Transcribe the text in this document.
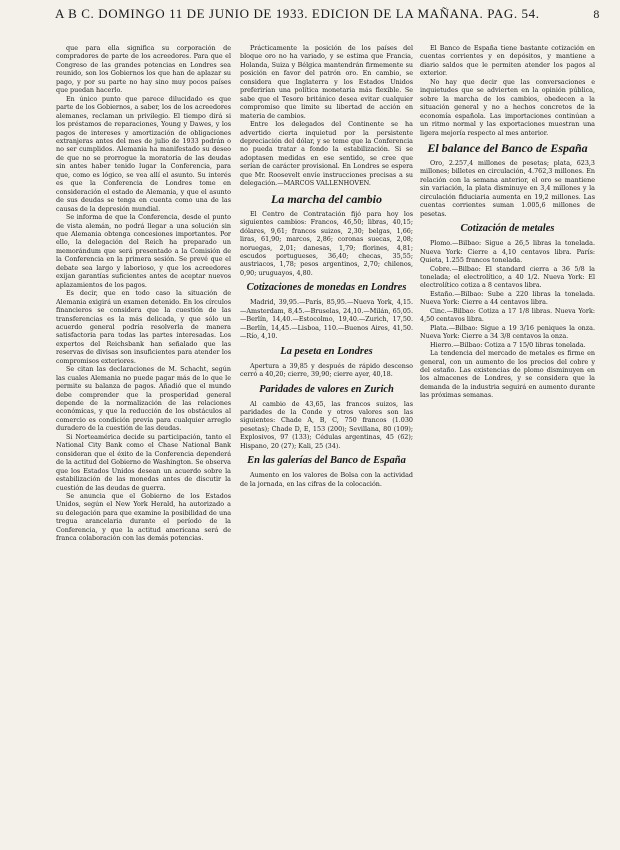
A B C. DOMINGO 11 DE JUNIO DE 1933. EDICION DE LA MAÑANA. PAG. 54.	8

que para ella significa su corporación de compradores de parte de los acreedores. Para que el Congreso de las grandes potencias en Londres sea reunido, son los Gobiernos los que han de aplazar su pago, y por su parte no hay sino muy pocos países que puedan hacerlo.

En único punto que parece dilucidado es que parte de los Gobiernos, a saber, los de los acreedores alemanes, reclaman un privilegio. El tiempo dirá si los préstamos de reparaciones, Young y Dawes, y los pagos de intereses y amortización de obligaciones extranjeras antes del mes de julio de 1933 podrán o no ser cumplidos. Alemania ha manifestado su deseo de que no se prorrogue la moratoria de las deudas sin antes haber tenido lugar la Conferencia, para que, como es lógico, se vea allí el asunto. Su interés es que la Conferencia de Londres tome en consideración el estado de Alemania, y que el asunto de sus deudas se tenga en cuenta como una de las causas de la depresión mundial.

Se informa de que la Conferencia, desde el punto de vista alemán, no podrá llegar a una solución sin que Alemania obtenga concesiones importantes. Por ello, la delegación del Reich ha preparado un memorándum que será presentado a la Comisión de la Conferencia en la primera sesión. Se prevé que el debate sea largo y laborioso, y que los acreedores exijan garantías suficientes antes de aceptar nuevos aplazamientos de los pagos.

Es decir, que en todo caso la situación de Alemania exigirá un examen detenido. En los círculos financieros se considera que la cuestión de las transferencias es la más delicada, y que sólo un acuerdo general podría resolverla de manera satisfactoria para todas las partes interesadas. Los expertos del Reichsbank han señalado que las reservas de divisas son insuficientes para atender los compromisos exteriores.

Se citan las declaraciones de M. Schacht, según las cuales Alemania no puede pagar más de lo que le permite su balanza de pagos. Añadió que el mundo debe comprender que la prosperidad general depende de la normalización de las relaciones económicas, y que la reducción de los obstáculos al comercio es condición previa para cualquier arreglo duradero de la cuestión de las deudas.

Si Norteamérica decide su participación, tanto el National City Bank como el Chase National Bank consideran que el éxito de la Conferencia dependerá de la actitud del Gobierno de Washington. Se observa que los Estados Unidos desean un acuerdo sobre la estabilización de las monedas antes de discutir la cuestión de las deudas de guerra.

Se anuncia que el Gobierno de los Estados Unidos, según el New York Herald, ha autorizado a su delegación para que examine la posibilidad de una tregua arancelaria durante el período de la Conferencia, y que la actitud americana será de franca colaboración con las demás potencias.

Prácticamente la posición de los países del bloque oro no ha variado, y se estima que Francia, Holanda, Suiza y Bélgica mantendrán firmemente su posición en favor del patrón oro. En cambio, se considera que Inglaterra y los Estados Unidos preferirían una política monetaria más flexible. Se sabe que el Tesoro británico desea evitar cualquier compromiso que limite su libertad de acción en materia de cambios.

Entre los delegados del Continente se ha advertido cierta inquietud por la persistente depreciación del dólar, y se teme que la Conferencia no pueda tratar a fondo la estabilización. Si se adoptasen medidas en ese sentido, se cree que serían de carácter provisional. En Londres se espera que Mr. Roosevelt envíe instrucciones precisas a su delegación.—MARCOS VALLENHOVEN.

La marcha del cambio

El Centro de Contratación fijó para hoy los siguientes cambios: Francos, 46,50; libras, 40,15; dólares, 9,61; francos suizos, 2,30; belgas, 1,66; liras, 61,90; marcos, 2,86; coronas suecas, 2,08; noruegas, 2,01; danesas, 1,79; florines, 4,81; escudos portugueses, 36,40; checas, 35,55; austriacos, 1,78; pesos argentinos, 2,70; chilenos, 0,90; uruguayos, 4,80.

Cotizaciones de monedas en Londres

Madrid, 39,95.—París, 85,95.—Nueva York, 4,15.—Amsterdam, 8,45.—Bruselas, 24,10.—Milán, 65,05.—Berlín, 14,40.—Estocolmo, 19,40.—Zurich, 17,50.—Berlín, 14,45.—Lisboa, 110.—Buenos Aires, 41,50.—Río, 4,10.

La peseta en Londres

Apertura a 39,85 y después de rápido descenso cerró a 40,20; cierre, 39,90; cierre ayer, 40,18.

Paridades de valores en Zurich

Al cambio de 43,65, las francos suizos, las paridades de la Conde y otros valores son las siguientes: Chade A, B, C, 750 francos (1.030 pesetas); Chade D, E, 153 (200); Sevillana, 80 (109); Explosivos, 97 (133); Cédulas argentinas, 45 (62); Hispano, 20 (27); Kali, 25 (34).

En las galerías del Banco de España

Aumento en los valores de Bolsa con la actividad de la jornada, en las cifras de la colocación.

El Banco de España tiene bastante cotización en cuentas corrientes y en depósitos, y mantiene a diario saldos que le permiten atender los pagos al exterior.

No hay que decir que las conversaciones e inquietudes que se advierten en la opinión pública, sobre la marcha de los cambios, obedecen a la situación general y no a hechos concretos de la economía española. Las importaciones continúan a un ritmo normal y las exportaciones muestran una ligera mejoría respecto al mes anterior.

El balance del Banco de España

Oro, 2.257,4 millones de pesetas; plata, 623,3 millones; billetes en circulación, 4.762,3 millones. En relación con la semana anterior, el oro se mantiene sin variación, la plata disminuye en 3,4 millones y la circulación fiduciaria aumenta en 19,2 millones. Las cuentas corrientes suman 1.005,6 millones de pesetas.

Cotización de metales

Plomo.—Bilbao: Sigue a 26,5 libras la tonelada. Nueva York: Cierre a 4,10 centavos libra. París: Quieta, 1.255 francos tonelada.

Cobre.—Bilbao: El standard cierra a 36 5/8 la tonelada; el electrolítico, a 40 1/2. Nueva York: El electrolítico cotiza a 8 centavos libra.

Estaño.—Bilbao: Sube a 220 libras la tonelada. Nueva York: Cierre a 44 centavos libra.

Cinc.—Bilbao: Cotiza a 17 1/8 libras. Nueva York: 4,50 centavos libra.

Plata.—Bilbao: Sigue a 19 3/16 peniques la onza. Nueva York: Cierre a 34 3/8 centavos la onza.

Hierro.—Bilbao: Cotiza a 7 15/0 libras tonelada.

La tendencia del mercado de metales es firme en general, con un aumento de los precios del cobre y del estaño. Las existencias de plomo disminuyen en los almacenes de Londres, y se considera que la demanda de la industria seguirá en aumento durante las próximas semanas.
